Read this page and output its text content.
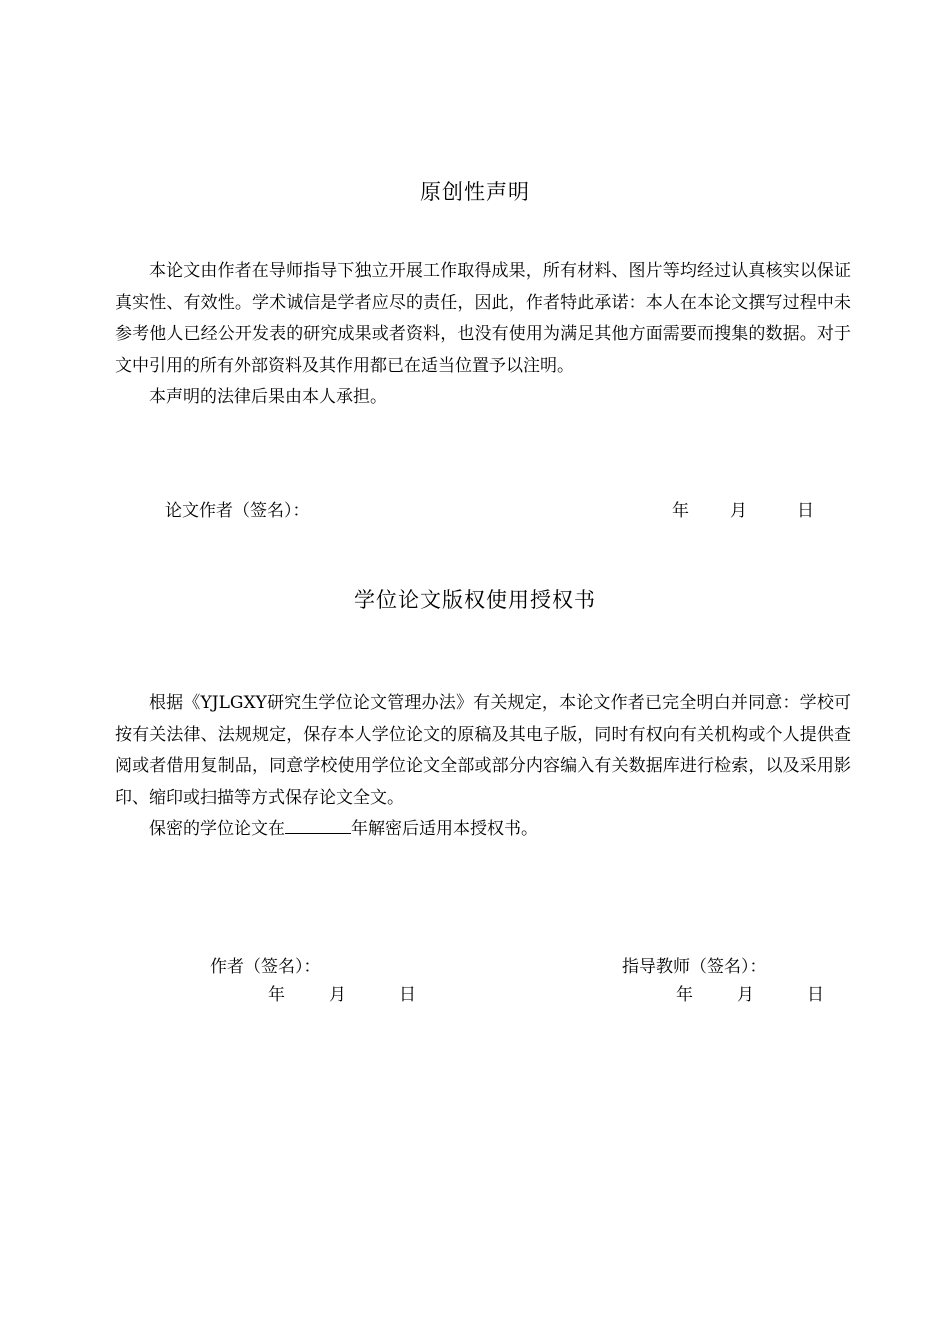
原创性声明

本论文由作者在导师指导下独立开展工作取得成果，所有材料、图片等均经过认真核实以保证真实性、有效性。学术诚信是学者应尽的责任，因此，作者特此承诺：本人在本论文撰写过程中未参考他人已经公开发表的研究成果或者资料，也没有使用为满足其他方面需要而搜集的数据。对于文中引用的所有外部资料及其作用都已在适当位置予以注明。

本声明的法律后果由本人承担。

论文作者（签名）：	年 月	日
学位论文版权使用授权书

根据《YJLGXY研究生学位论文管理办法》有关规定，本论文作者已完全明白并同意：学校可按有关法律、法规规定，保存本人学位论文的原稿及其电子版，同时有权向有关机构或个人提供查阅或者借用复制品，同意学校使用学位论文全部或部分内容编入有关数据库进行检索，以及采用影印、缩印或扫描等方式保存论文全文。

保密的学位论文在	年解密后适用本授权书。

作者（签名）：	指导教师（签名）：
年	月	日	年	月	日
